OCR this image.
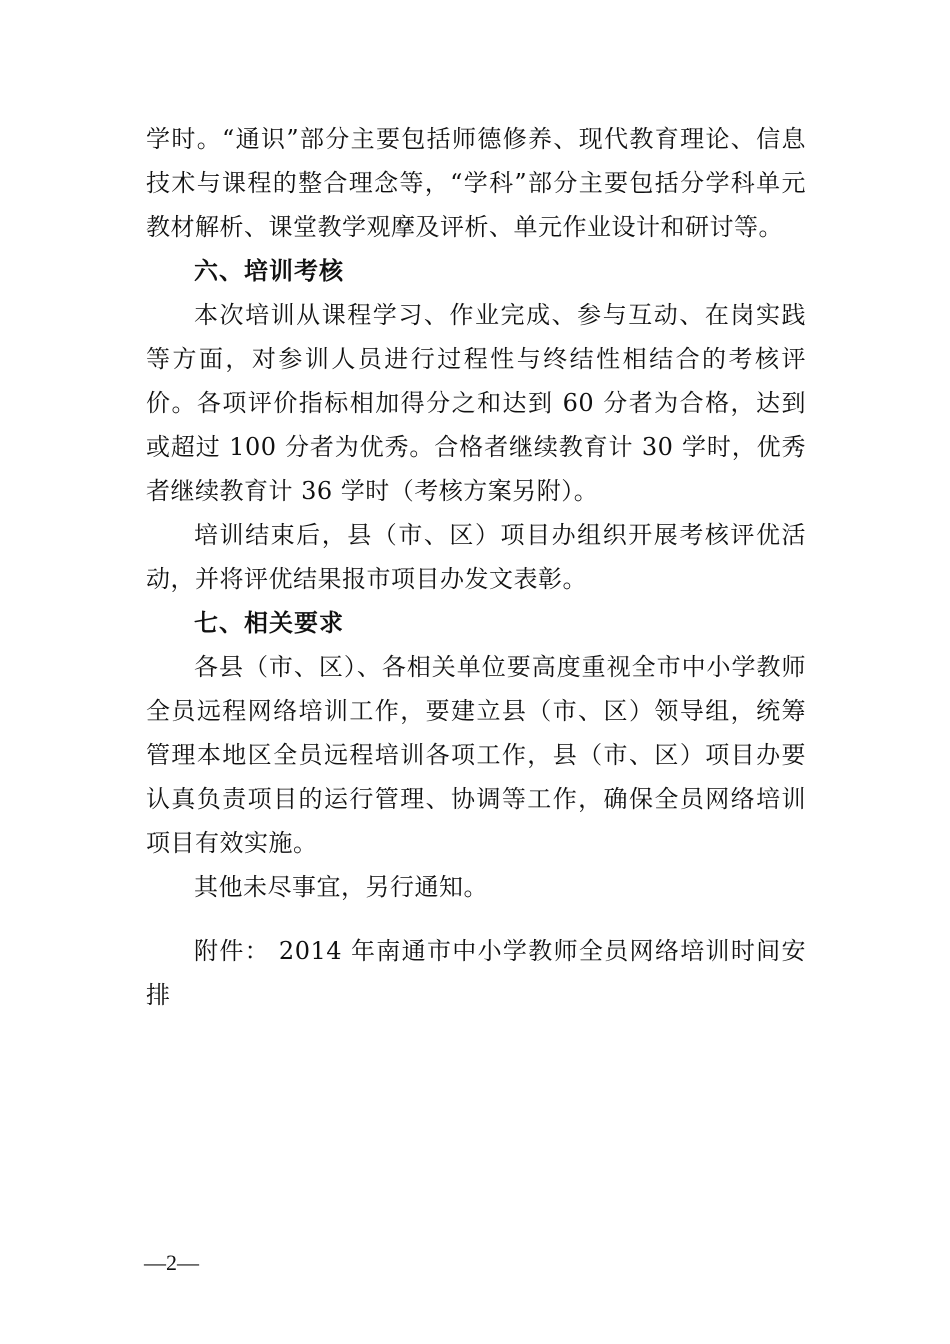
学时。“通识”部分主要包括师德修养、现代教育理论、信息技术与课程的整合理念等，“学科”部分主要包括分学科单元教材解析、课堂教学观摩及评析、单元作业设计和研讨等。

六、培训考核

本次培训从课程学习、作业完成、参与互动、在岗实践等方面，对参训人员进行过程性与终结性相结合的考核评价。各项评价指标相加得分之和达到 60 分者为合格，达到或超过 100 分者为优秀。合格者继续教育计 30 学时，优秀者继续教育计 36 学时（考核方案另附）。

培训结束后，县（市、区）项目办组织开展考核评优活动，并将评优结果报市项目办发文表彰。

七、相关要求

各县（市、区）、各相关单位要高度重视全市中小学教师全员远程网络培训工作，要建立县（市、区）领导组，统筹管理本地区全员远程培训各项工作，县（市、区）项目办要认真负责项目的运行管理、协调等工作，确保全员网络培训项目有效实施。

其他未尽事宜，另行通知。

附件： 2014 年南通市中小学教师全员网络培训时间安排

—2—
